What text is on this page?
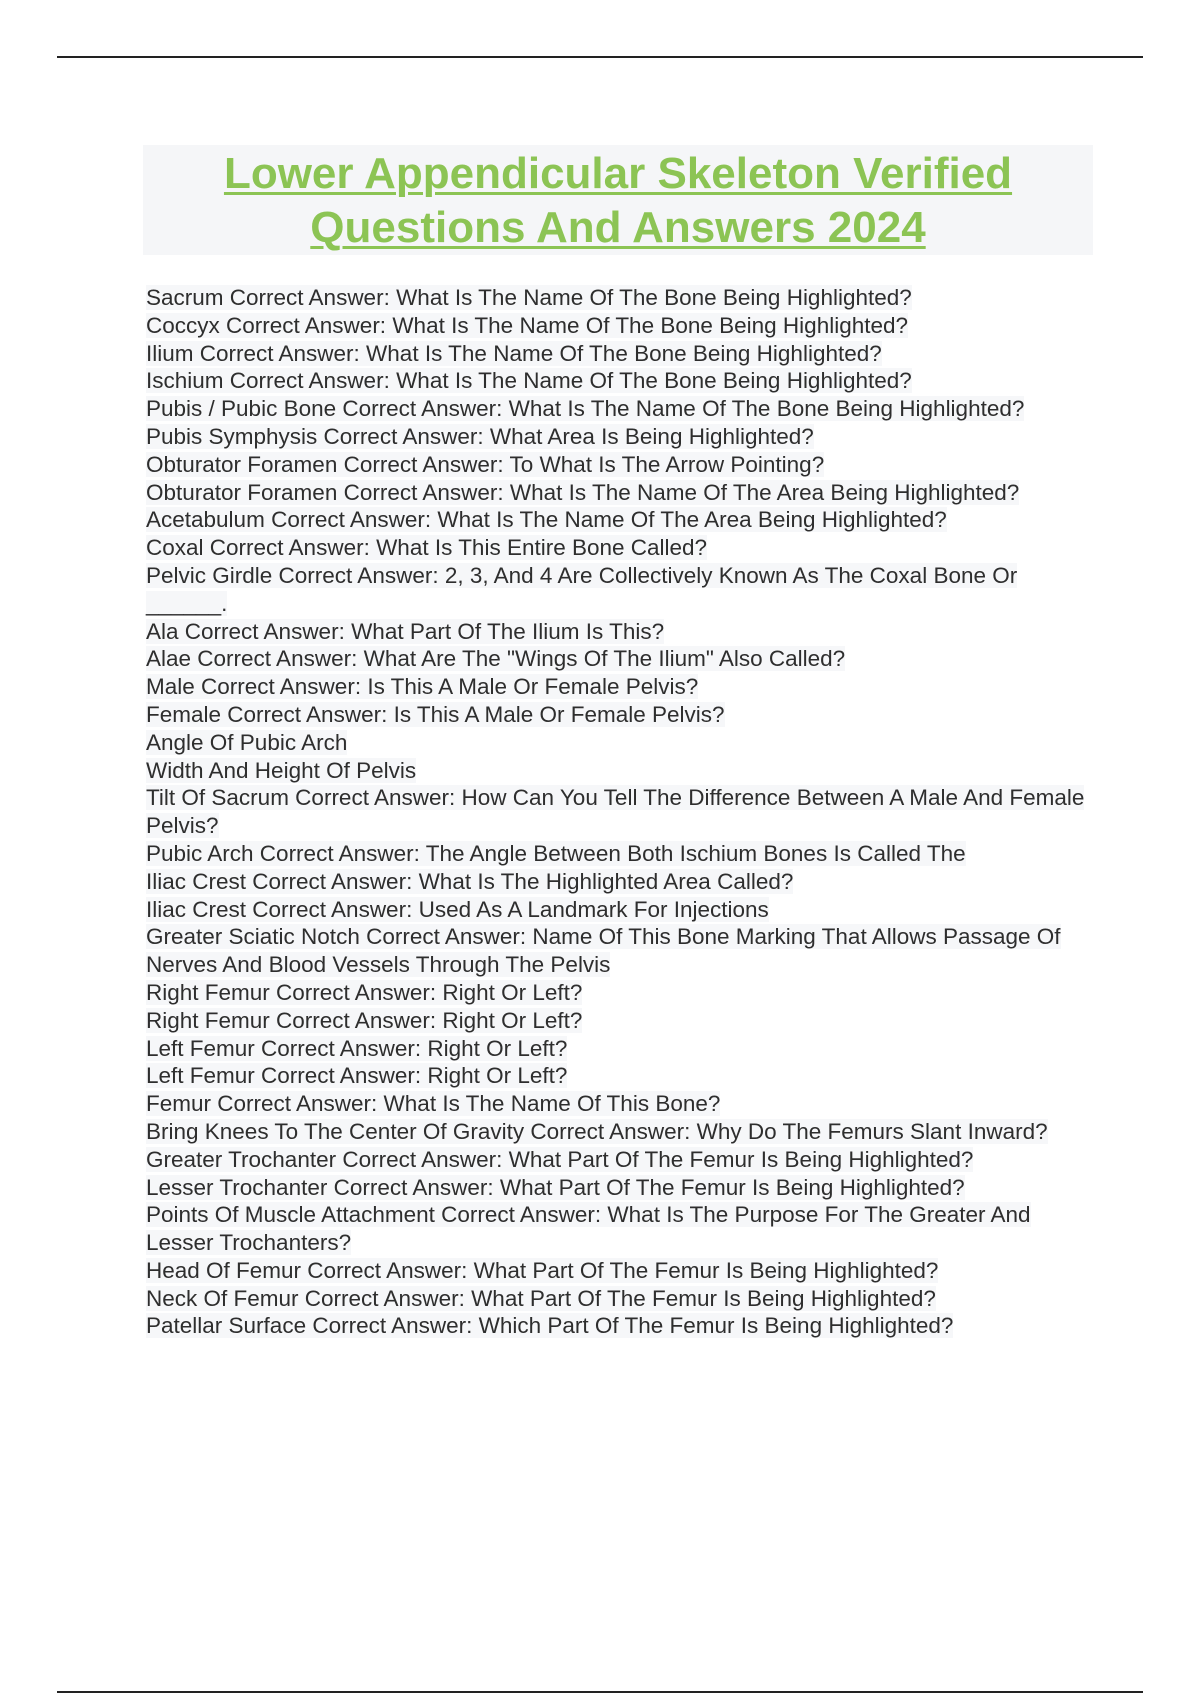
Lower Appendicular Skeleton Verified
Questions And Answers 2024
Sacrum Correct Answer: What Is The Name Of The Bone Being Highlighted?
Coccyx Correct Answer: What Is The Name Of The Bone Being Highlighted?
Ilium Correct Answer: What Is The Name Of The Bone Being Highlighted?
Ischium Correct Answer: What Is The Name Of The Bone Being Highlighted?
Pubis / Pubic Bone Correct Answer: What Is The Name Of The Bone Being Highlighted?
Pubis Symphysis Correct Answer: What Area Is Being Highlighted?
Obturator Foramen Correct Answer: To What Is The Arrow Pointing?
Obturator Foramen Correct Answer: What Is The Name Of The Area Being Highlighted?
Acetabulum Correct Answer: What Is The Name Of The Area Being Highlighted?
Coxal Correct Answer: What Is This Entire Bone Called?
Pelvic Girdle Correct Answer: 2, 3, And 4 Are Collectively Known As The Coxal Bone Or ______.
Ala Correct Answer: What Part Of The Ilium Is This?
Alae Correct Answer: What Are The "Wings Of The Ilium" Also Called?
Male Correct Answer: Is This A Male Or Female Pelvis?
Female Correct Answer: Is This A Male Or Female Pelvis?
Angle Of Pubic Arch
Width And Height Of Pelvis
Tilt Of Sacrum Correct Answer: How Can You Tell The Difference Between A Male And Female Pelvis?
Pubic Arch Correct Answer: The Angle Between Both Ischium Bones Is Called The
Iliac Crest Correct Answer: What Is The Highlighted Area Called?
Iliac Crest Correct Answer: Used As A Landmark For Injections
Greater Sciatic Notch Correct Answer: Name Of This Bone Marking That Allows Passage Of Nerves And Blood Vessels Through The Pelvis
Right Femur Correct Answer: Right Or Left?
Right Femur Correct Answer: Right Or Left?
Left Femur Correct Answer: Right Or Left?
Left Femur Correct Answer: Right Or Left?
Femur Correct Answer: What Is The Name Of This Bone?
Bring Knees To The Center Of Gravity Correct Answer: Why Do The Femurs Slant Inward?
Greater Trochanter Correct Answer: What Part Of The Femur Is Being Highlighted?
Lesser Trochanter Correct Answer: What Part Of The Femur Is Being Highlighted?
Points Of Muscle Attachment Correct Answer: What Is The Purpose For The Greater And Lesser Trochanters?
Head Of Femur Correct Answer: What Part Of The Femur Is Being Highlighted?
Neck Of Femur Correct Answer: What Part Of The Femur Is Being Highlighted?
Patellar Surface Correct Answer: Which Part Of The Femur Is Being Highlighted?
